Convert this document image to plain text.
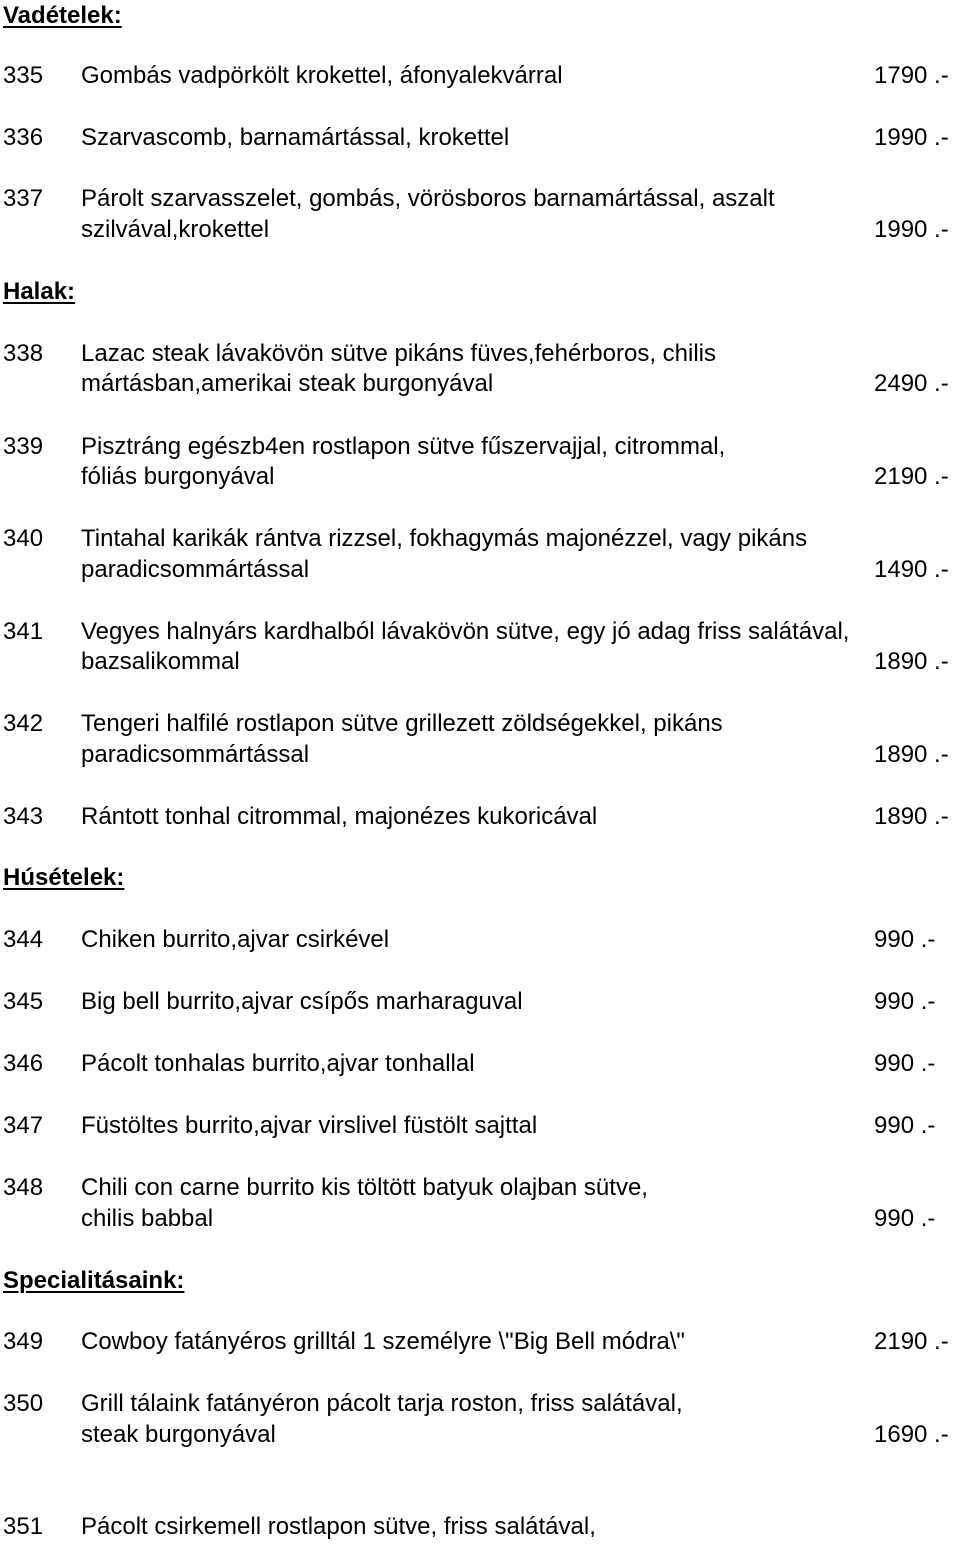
Vadételek:
335 Gombás vadpörkölt krokettel, áfonyalekvárral	1790 .-
336 Szarvascomb, barnamártással, krokettel	1990 .-
337 Párolt szarvasszelet, gombás, vörösboros barnamártással, aszalt
szilvával,krokettel	1990 .-
Halak:
338 Lazac steak lávakövön sütve pikáns füves,fehérboros, chilis
mártásban,amerikai steak burgonyával	2490 .-
339 Pisztráng egészb4en rostlapon sütve fűszervajjal, citrommal,
fóliás burgonyával	2190 .-
340 Tintahal karikák rántva rizzsel, fokhagymás majonézzel, vagy pikáns
paradicsommártással	1490 .-
341 Vegyes halnyárs kardhalból lávakövön sütve, egy jó adag friss salátával,
bazsalikommal	1890 .-
342 Tengeri halfilé rostlapon sütve grillezett zöldségekkel, pikáns
paradicsommártással	1890 .-
343 Rántott tonhal citrommal, majonézes kukoricával	1890 .-
Húsételek:
344 Chiken burrito,ajvar csirkével	990 .-
345 Big bell burrito,ajvar csípős marharaguval	990 .-
346 Pácolt tonhalas burrito,ajvar tonhallal	990 .-
347 Füstöltes burrito,ajvar virslivel füstölt sajttal	990 .-
348 Chili con carne burrito kis töltött batyuk olajban sütve,
chilis babbal	990 .-
Specialitásaink:
349 Cowboy fatányéros grilltál 1 személyre \"Big Bell módra\"	2190 .-
350 Grill tálaink fatányéron pácolt tarja roston, friss salátával,
steak burgonyával	1690 .-
351 Pácolt csirkemell rostlapon sütve, friss salátával,
